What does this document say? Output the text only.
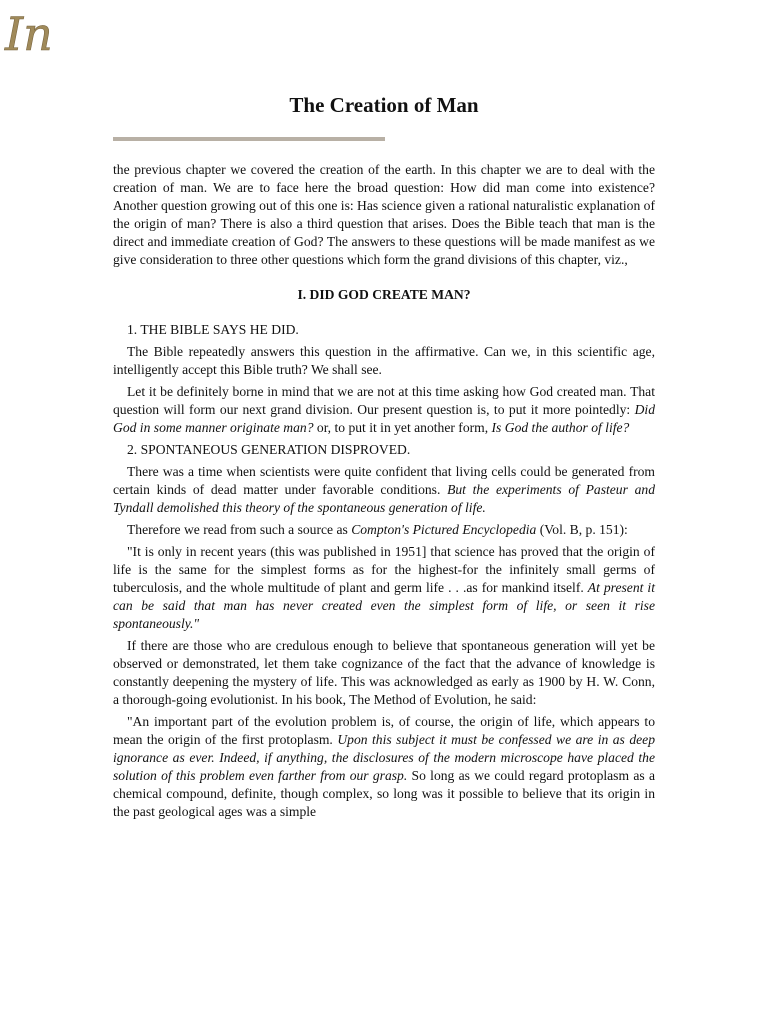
In
The Creation of Man

the previous chapter we covered the creation of the earth. In this chapter we are to deal with the creation of man. We are to face here the broad question: How did man come into existence? Another question growing out of this one is: Has science given a rational naturalistic explanation of the origin of man? There is also a third question that arises. Does the Bible teach that man is the direct and immediate creation of God? The answers to these questions will be made manifest as we give consideration to three other questions which form the grand divisions of this chapter, viz.,

I. DID GOD CREATE MAN?

1. THE BIBLE SAYS HE DID.

The Bible repeatedly answers this question in the affirmative. Can we, in this scientific age, intelligently accept this Bible truth? We shall see.

Let it be definitely borne in mind that we are not at this time asking how God created man. That question will form our next grand division. Our present question is, to put it more pointedly: Did God in some manner originate man? or, to put it in yet another form, Is God the author of life?

2. SPONTANEOUS GENERATION DISPROVED.

There was a time when scientists were quite confident that living cells could be generated from certain kinds of dead matter under favorable conditions. But the experiments of Pasteur and Tyndall demolished this theory of the spontaneous generation of life.

Therefore we read from such a source as Compton's Pictured Encyclopedia (Vol. B, p. 151):

"It is only in recent years (this was published in 1951] that science has proved that the origin of life is the same for the simplest forms as for the highest-for the infinitely small germs of tuberculosis, and the whole multitude of plant and germ life . . .as for mankind itself. At present it can be said that man has never created even the simplest form of life, or seen it rise spontaneously."

If there are those who are credulous enough to believe that spontaneous generation will yet be observed or demonstrated, let them take cognizance of the fact that the advance of knowledge is constantly deepening the mystery of life. This was acknowledged as early as 1900 by H. W. Conn, a thorough-going evolutionist. In his book, The Method of Evolution, he said:

"An important part of the evolution problem is, of course, the origin of life, which appears to mean the origin of the first protoplasm. Upon this subject it must be confessed we are in as deep ignorance as ever. Indeed, if anything, the disclosures of the modern microscope have placed the solution of this problem even farther from our grasp. So long as we could regard protoplasm as a chemical compound, definite, though complex, so long was it possible to believe that its origin in the past geological ages was a simple
